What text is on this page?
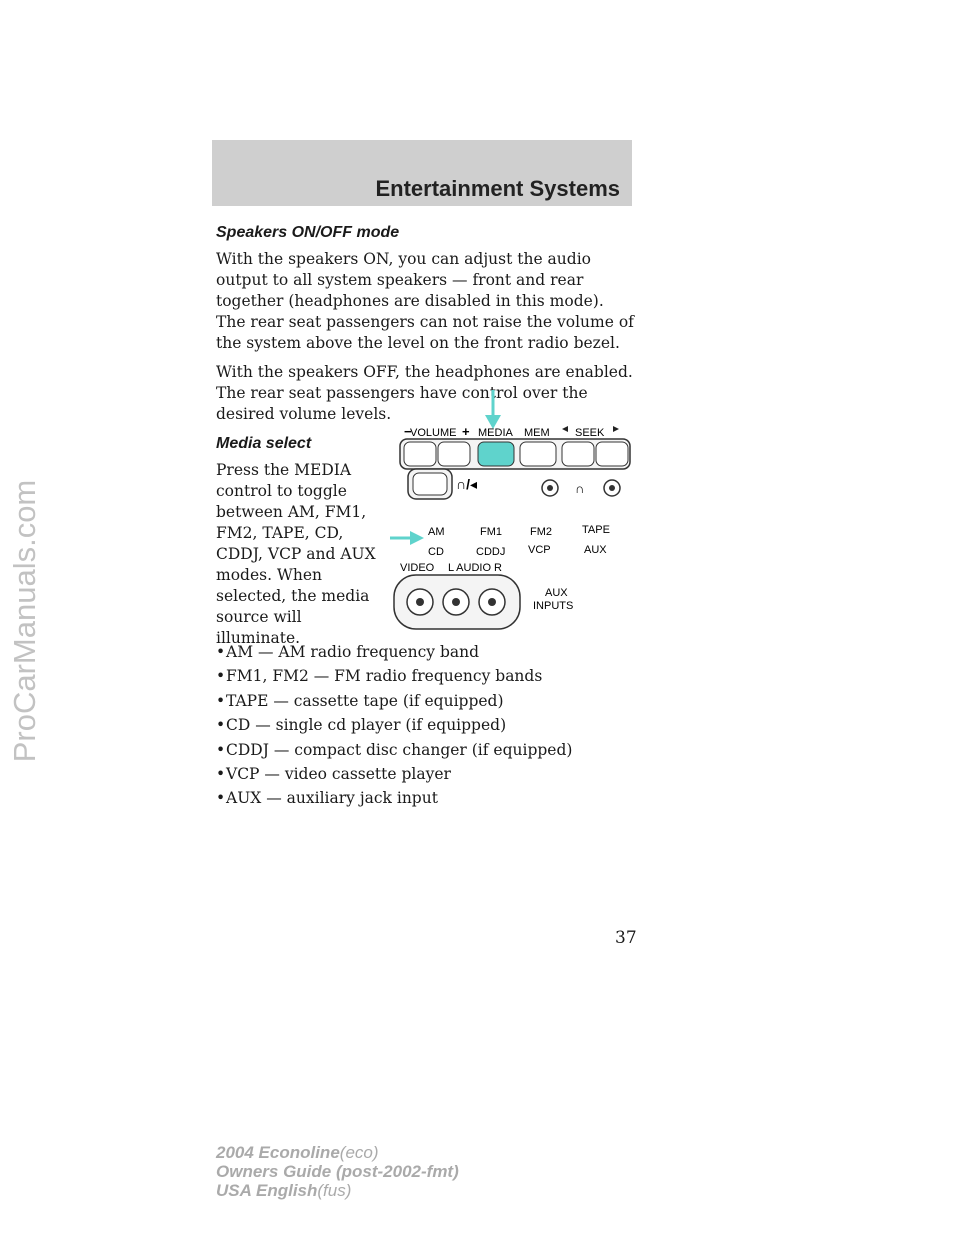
Entertainment Systems
Speakers ON/OFF mode

With the speakers ON, you can adjust the audio output to all system speakers — front and rear together (headphones are disabled in this mode). The rear seat passengers can not raise the volume of the system above the level on the front radio bezel.

With the speakers OFF, the headphones are enabled. The rear seat passengers have control over the desired volume levels.

Media select

Press the MEDIA control to toggle between AM, FM1, FM2, TAPE, CD, CDDJ, VCP and AUX modes. When selected, the media source will illuminate.

VOLUME
−	+ MEDIA MEM SEEK
∩/◂	∩
AM	FM1	FM2	TAPE
CD	CDDJ VCP	AUX
VIDEO L AUDIO R
AUX
INPUTS
•AM — AM radio frequency band
•FM1, FM2 — FM radio frequency bands
•TAPE — cassette tape (if equipped)
•CD — single cd player (if equipped)
•CDDJ — compact disc changer (if equipped)
•VCP — video cassette player
•AUX — auxiliary jack input
37
2004 Econoline(eco)
Owners Guide (post-2002-fmt)
USA English(fus)
ProCarManuals.com
